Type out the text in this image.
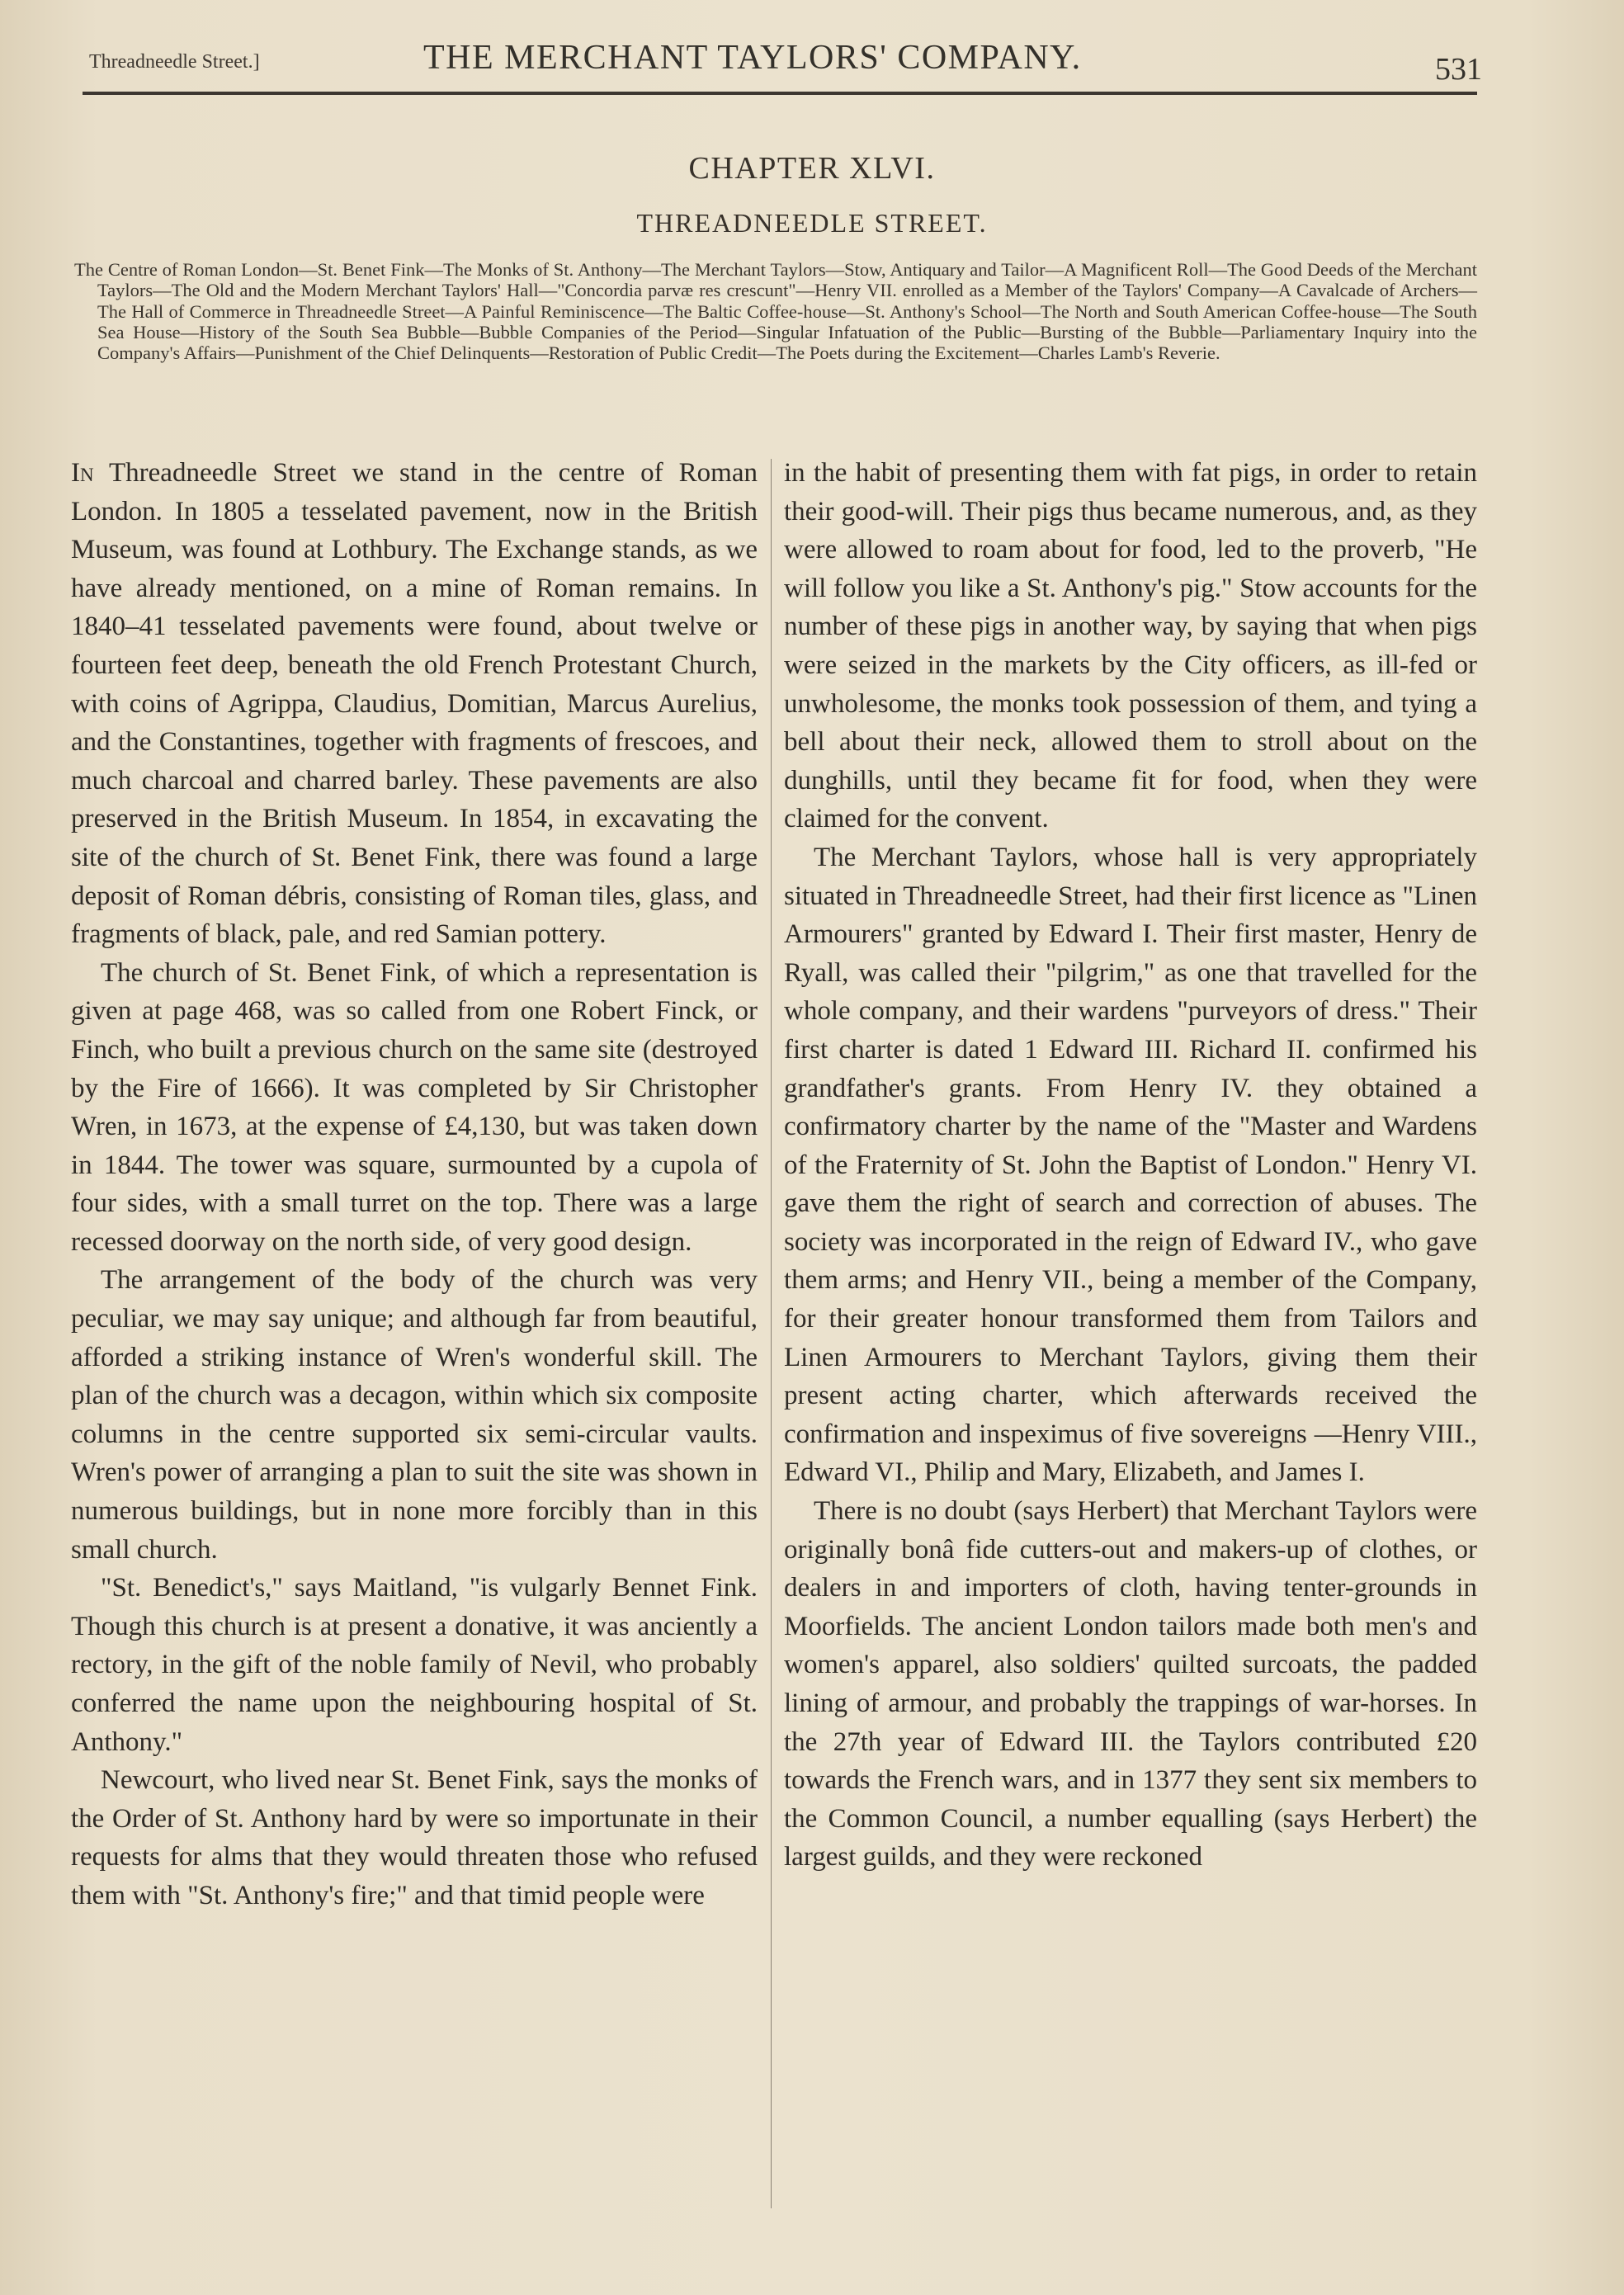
Threadneedle Street.]	THE MERCHANT TAYLORS' COMPANY.	531
CHAPTER XLVI.
THREADNEEDLE STREET.
The Centre of Roman London—St. Benet Fink—The Monks of St. Anthony—The Merchant Taylors—Stow, Antiquary and Tailor—A Magnificent Roll—The Good Deeds of the Merchant Taylors—The Old and the Modern Merchant Taylors' Hall—"Concordia parvæ res crescunt"—Henry VII. enrolled as a Member of the Taylors' Company—A Cavalcade of Archers—The Hall of Commerce in Threadneedle Street—A Painful Reminiscence—The Baltic Coffee-house—St. Anthony's School—The North and South American Coffee-house—The South Sea House—History of the South Sea Bubble—Bubble Companies of the Period—Singular Infatuation of the Public—Bursting of the Bubble—Parliamentary Inquiry into the Company's Affairs—Punishment of the Chief Delinquents—Restoration of Public Credit—The Poets during the Excitement—Charles Lamb's Reverie.

In Threadneedle Street we stand in the centre of Roman London. In 1805 a tesselated pavement, now in the British Museum, was found at Lothbury. The Exchange stands, as we have already mentioned, on a mine of Roman remains. In 1840–41 tesselated pavements were found, about twelve or fourteen feet deep, beneath the old French Protestant Church, with coins of Agrippa, Claudius, Domitian, Marcus Aurelius, and the Constantines, together with fragments of frescoes, and much charcoal and charred barley. These pavements are also preserved in the British Museum. In 1854, in excavating the site of the church of St. Benet Fink, there was found a large deposit of Roman débris, consisting of Roman tiles, glass, and fragments of black, pale, and red Samian pottery.

The church of St. Benet Fink, of which a representation is given at page 468, was so called from one Robert Finck, or Finch, who built a previous church on the same site (destroyed by the Fire of 1666). It was completed by Sir Christopher Wren, in 1673, at the expense of £4,130, but was taken down in 1844. The tower was square, surmounted by a cupola of four sides, with a small turret on the top. There was a large recessed doorway on the north side, of very good design.

The arrangement of the body of the church was very peculiar, we may say unique; and although far from beautiful, afforded a striking instance of Wren's wonderful skill. The plan of the church was a decagon, within which six composite columns in the centre supported six semi-circular vaults. Wren's power of arranging a plan to suit the site was shown in numerous buildings, but in none more forcibly than in this small church.

"St. Benedict's," says Maitland, "is vulgarly Bennet Fink. Though this church is at present a donative, it was anciently a rectory, in the gift of the noble family of Nevil, who probably conferred the name upon the neighbouring hospital of St. Anthony."

Newcourt, who lived near St. Benet Fink, says the monks of the Order of St. Anthony hard by were so importunate in their requests for alms that they would threaten those who refused them with "St. Anthony's fire;" and that timid people were

in the habit of presenting them with fat pigs, in order to retain their good-will. Their pigs thus became numerous, and, as they were allowed to roam about for food, led to the proverb, "He will follow you like a St. Anthony's pig." Stow accounts for the number of these pigs in another way, by saying that when pigs were seized in the markets by the City officers, as ill-fed or unwholesome, the monks took possession of them, and tying a bell about their neck, allowed them to stroll about on the dunghills, until they became fit for food, when they were claimed for the convent.

The Merchant Taylors, whose hall is very appropriately situated in Threadneedle Street, had their first licence as "Linen Armourers" granted by Edward I. Their first master, Henry de Ryall, was called their "pilgrim," as one that travelled for the whole company, and their wardens "purveyors of dress." Their first charter is dated 1 Edward III. Richard II. confirmed his grandfather's grants. From Henry IV. they obtained a confirmatory charter by the name of the "Master and Wardens of the Fraternity of St. John the Baptist of London." Henry VI. gave them the right of search and correction of abuses. The society was incorporated in the reign of Edward IV., who gave them arms; and Henry VII., being a member of the Company, for their greater honour transformed them from Tailors and Linen Armourers to Merchant Taylors, giving them their present acting charter, which afterwards received the confirmation and inspeximus of five sovereigns —Henry VIII., Edward VI., Philip and Mary, Elizabeth, and James I.

There is no doubt (says Herbert) that Merchant Taylors were originally bonâ fide cutters-out and makers-up of clothes, or dealers in and importers of cloth, having tenter-grounds in Moorfields. The ancient London tailors made both men's and women's apparel, also soldiers' quilted surcoats, the padded lining of armour, and probably the trappings of war-horses. In the 27th year of Edward III. the Taylors contributed £20 towards the French wars, and in 1377 they sent six members to the Common Council, a number equalling (says Herbert) the largest guilds, and they were reckoned
